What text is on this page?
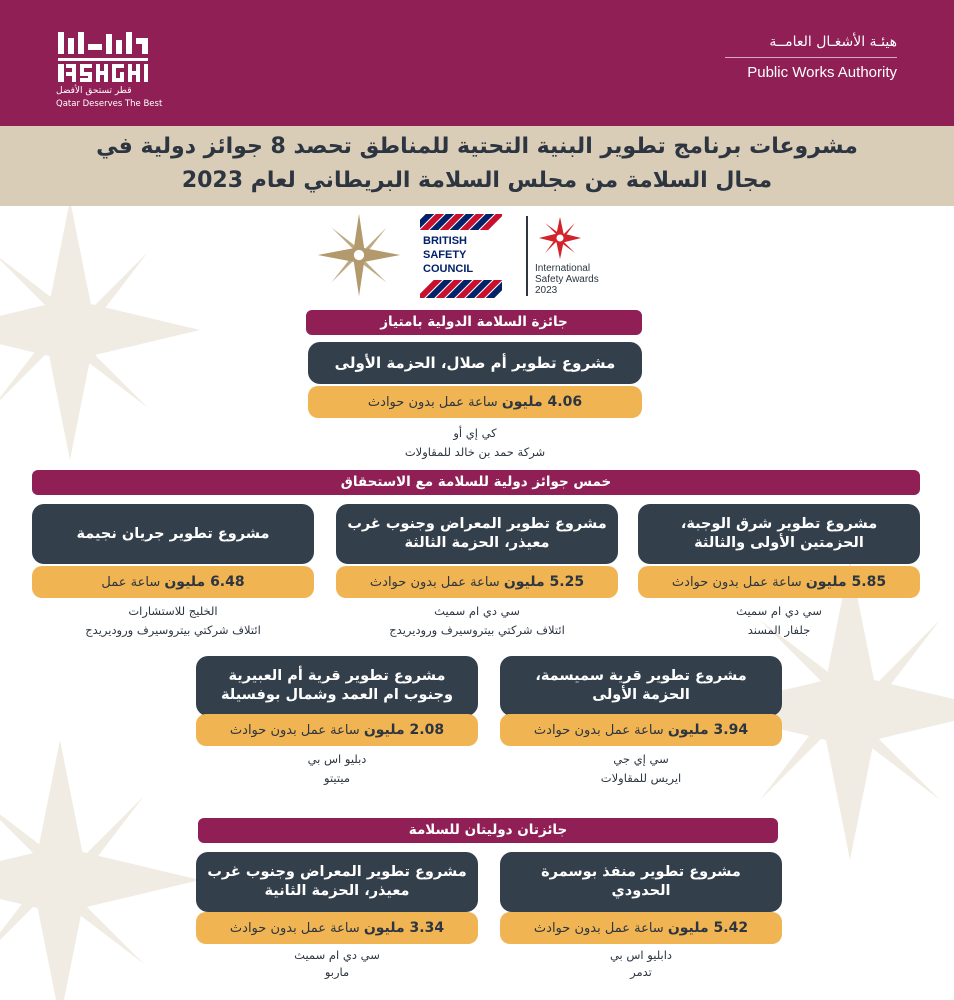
قطر تستحق الأفضل
Qatar Deserves The Best
هيئـة الأشغـال العامــة
Public Works Authority
مشروعات برنامج تطوير البنية التحتية للمناطق تحصد 8 جوائز دولية في
مجال السلامة من مجلس السلامة البريطاني لعام 2023
BRITISH
SAFETY
COUNCIL	International
Safety Awards
2023
جائزة السلامة الدولية بامتياز
مشروع تطوير أم صلال، الحزمة الأولى
4.06 مليون ساعة عمل بدون حوادث
كي إي أو
شركة حمد بن خالد للمقاولات
خمس جوائز دولية للسلامة مع الاستحقاق
مشروع تطوير شرق الوجبة، الحزمتين الأولى والثالثة
5.85 مليون ساعة عمل بدون حوادث
سي دي ام سميث
جلفار المسند
مشروع تطوير المعراض وجنوب غرب معيذر، الحزمة الثالثة
5.25 مليون ساعة عمل بدون حوادث
سي دي ام سميث
ائتلاف شركتي بيتروسيرف وروديريدج
مشروع تطوير جريان نجيمة
6.48 مليون ساعة عمل
الخليج للاستشارات
ائتلاف شركتي بيتروسيرف وروديريدج
مشروع تطوير قرية سميسمة، الحزمة الأولى
3.94 مليون ساعة عمل بدون حوادث
سي إي جي
ايريس للمقاولات
مشروع تطوير قرية أم العبيرية وجنوب ام العمد وشمال بوفسيلة
2.08 مليون ساعة عمل بدون حوادث
دبليو اس بي
ميتيتو
جائزتان دوليتان للسلامة
مشروع تطوير منفذ بوسمرة الحدودي
5.42 مليون ساعة عمل بدون حوادث
دابليو اس بي
تدمر
مشروع تطوير المعراض وجنوب غرب معيذر، الحزمة الثانية
3.34 مليون ساعة عمل بدون حوادث
سي دي ام سميث
ماربو
